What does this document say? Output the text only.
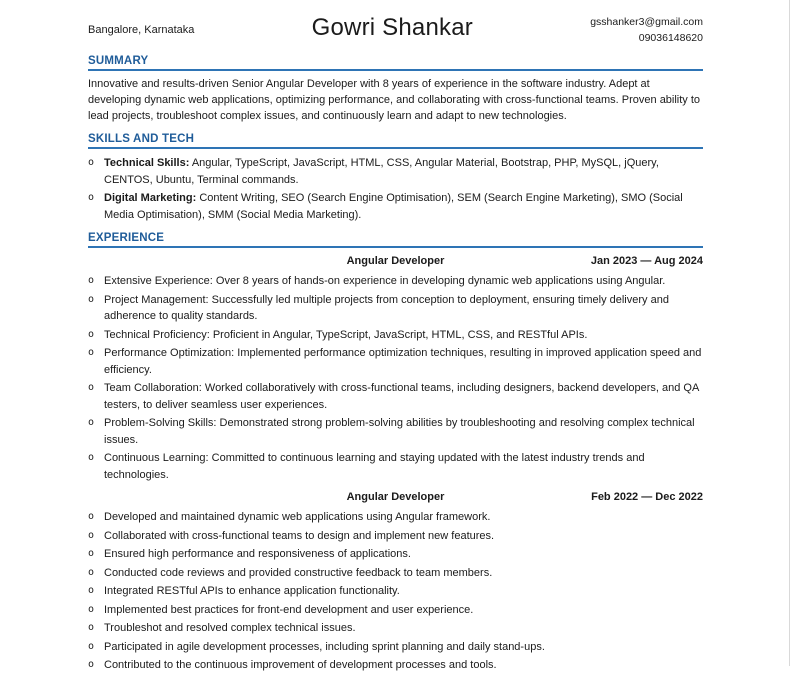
Bangalore, Karnataka	Gowri Shankar	gsshanker3@gmail.com
09036148620
SUMMARY
Innovative and results-driven Senior Angular Developer with 8 years of experience in the software industry. Adept at developing dynamic web applications, optimizing performance, and collaborating with cross-functional teams. Proven ability to lead projects, troubleshoot complex issues, and continuously learn and adapt to new technologies.
SKILLS AND TECH
o Technical Skills: Angular, TypeScript, JavaScript, HTML, CSS, Angular Material, Bootstrap, PHP, MySQL, jQuery, CENTOS, Ubuntu, Terminal commands.
o Digital Marketing: Content Writing, SEO (Search Engine Optimisation), SEM (Search Engine Marketing), SMO (Social Media Optimisation), SMM (Social Media Marketing).
EXPERIENCE
Angular Developer	Jan 2023 — Aug 2024
o Extensive Experience: Over 8 years of hands-on experience in developing dynamic web applications using Angular.
o Project Management: Successfully led multiple projects from conception to deployment, ensuring timely delivery and adherence to quality standards.
o Technical Proficiency: Proficient in Angular, TypeScript, JavaScript, HTML, CSS, and RESTful APIs.
o Performance Optimization: Implemented performance optimization techniques, resulting in improved application speed and efficiency.
o Team Collaboration: Worked collaboratively with cross-functional teams, including designers, backend developers, and QA testers, to deliver seamless user experiences.
o Problem-Solving Skills: Demonstrated strong problem-solving abilities by troubleshooting and resolving complex technical issues.
o Continuous Learning: Committed to continuous learning and staying updated with the latest industry trends and technologies.
Angular Developer	Feb 2022 — Dec 2022
o Developed and maintained dynamic web applications using Angular framework.
o Collaborated with cross-functional teams to design and implement new features.
o Ensured high performance and responsiveness of applications.
o Conducted code reviews and provided constructive feedback to team members.
o Integrated RESTful APIs to enhance application functionality.
o Implemented best practices for front-end development and user experience.
o Troubleshot and resolved complex technical issues.
o Participated in agile development processes, including sprint planning and daily stand-ups.
o Contributed to the continuous improvement of development processes and tools.
